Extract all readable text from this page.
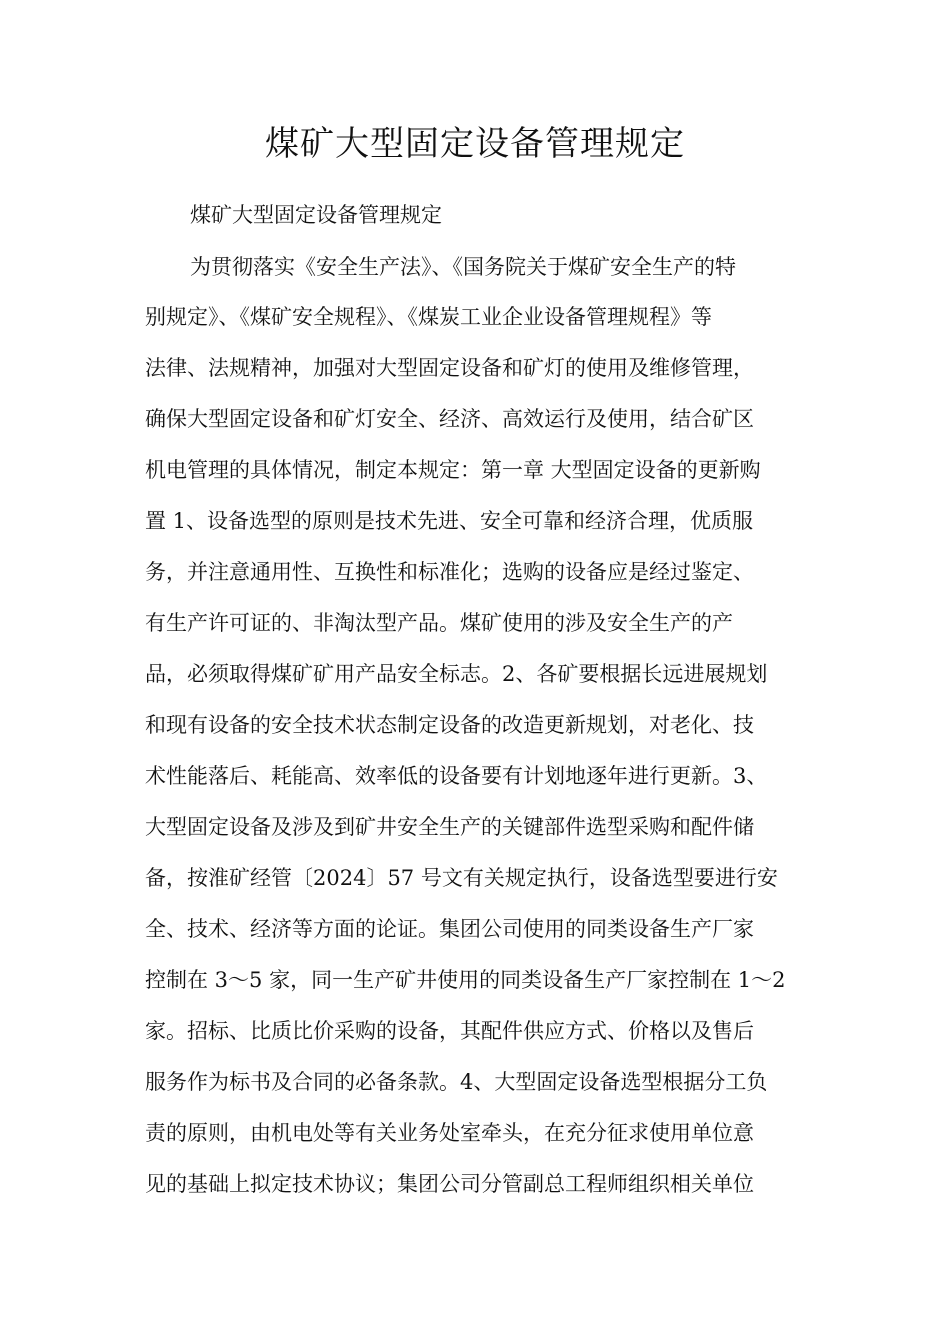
煤矿大型固定设备管理规定

煤矿大型固定设备管理规定

为贯彻落实《安全生产法》、《国务院关于煤矿安全生产的特

别规定》、《煤矿安全规程》、《煤炭工业企业设备管理规程》等

法律、法规精神，加强对大型固定设备和矿灯的使用及维修管理，

确保大型固定设备和矿灯安全、经济、高效运行及使用，结合矿区

机电管理的具体情况，制定本规定：第一章 大型固定设备的更新购

置 1、设备选型的原则是技术先进、安全可靠和经济合理，优质服

务，并注意通用性、互换性和标准化；选购的设备应是经过鉴定、

有生产许可证的、非淘汰型产品。煤矿使用的涉及安全生产的产

品，必须取得煤矿矿用产品安全标志。2、各矿要根据长远进展规划

和现有设备的安全技术状态制定设备的改造更新规划，对老化、技

术性能落后、耗能高、效率低的设备要有计划地逐年进行更新。3、

大型固定设备及涉及到矿井安全生产的关键部件选型采购和配件储

备，按淮矿经管〔2024〕57 号文有关规定执行，设备选型要进行安

全、技术、经济等方面的论证。集团公司使用的同类设备生产厂家

控制在 3～5 家，同一生产矿井使用的同类设备生产厂家控制在 1～2

家。招标、比质比价采购的设备，其配件供应方式、价格以及售后

服务作为标书及合同的必备条款。4、大型固定设备选型根据分工负

责的原则，由机电处等有关业务处室牵头，在充分征求使用单位意

见的基础上拟定技术协议；集团公司分管副总工程师组织相关单位
